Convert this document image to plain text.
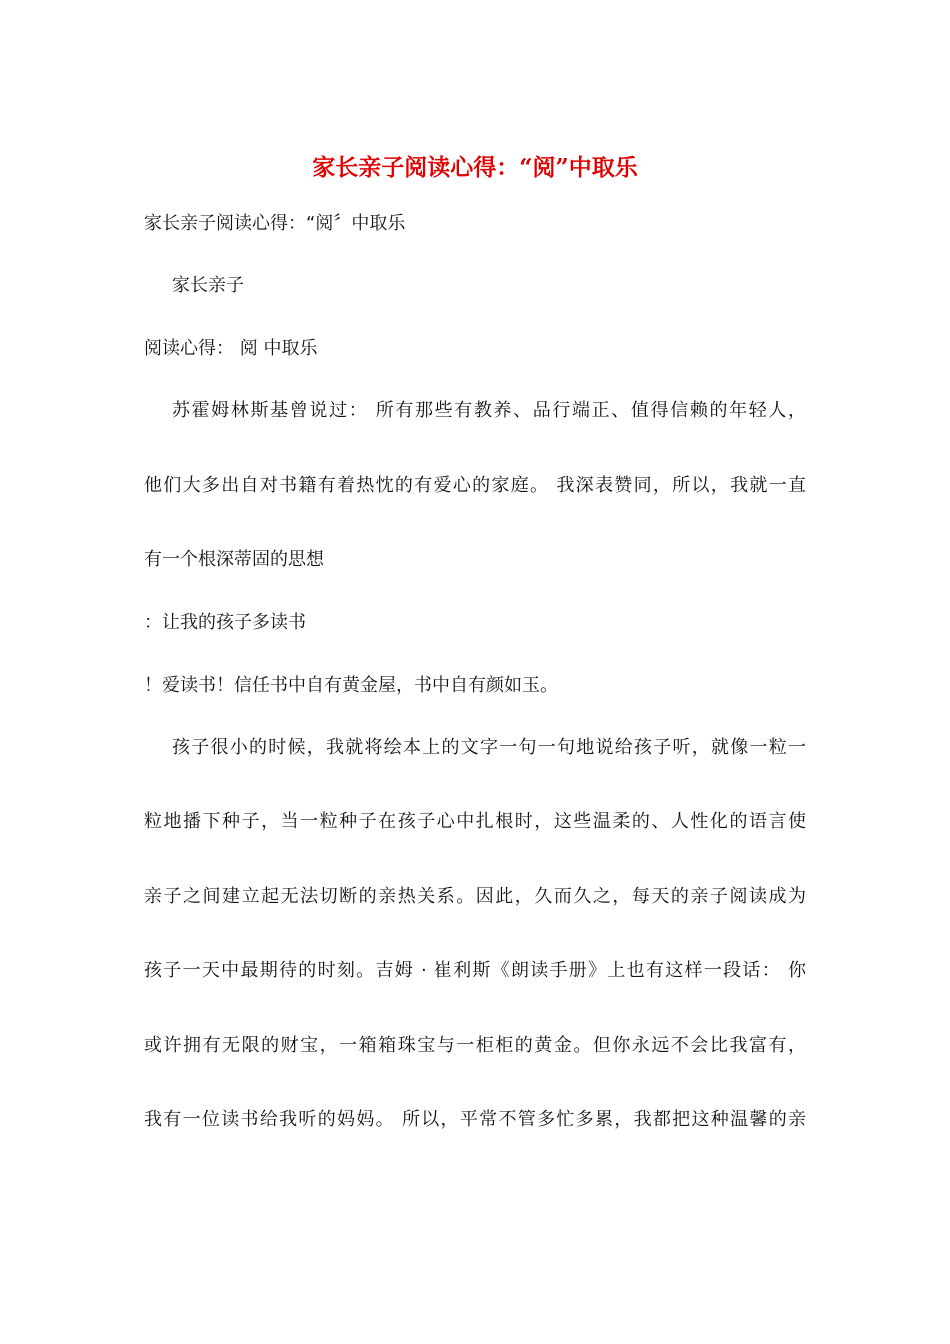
家长亲子阅读心得：“阅”中取乐
家长亲子阅读心得：“阅〞中取乐
家长亲子
阅读心得： 阅 中取乐
苏霍姆林斯基曾说过： 所有那些有教养、品行端正、值得信赖的年轻人，
他们大多出自对书籍有着热忱的有爱心的家庭。 我深表赞同，所以，我就一直
有一个根深蒂固的思想
：让我的孩子多读书
！爱读书！信任书中自有黄金屋，书中自有颜如玉。
孩子很小的时候，我就将绘本上的文字一句一句地说给孩子听，就像一粒一
粒地播下种子，当一粒种子在孩子心中扎根时，这些温柔的、人性化的语言使
亲子之间建立起无法切断的亲热关系。因此，久而久之，每天的亲子阅读成为
孩子一天中最期待的时刻。吉姆 · 崔利斯《朗读手册》上也有这样一段话： 你
或许拥有无限的财宝，一箱箱珠宝与一柜柜的黄金。但你永远不会比我富有，
我有一位读书给我听的妈妈。 所以，平常不管多忙多累，我都把这种温馨的亲
